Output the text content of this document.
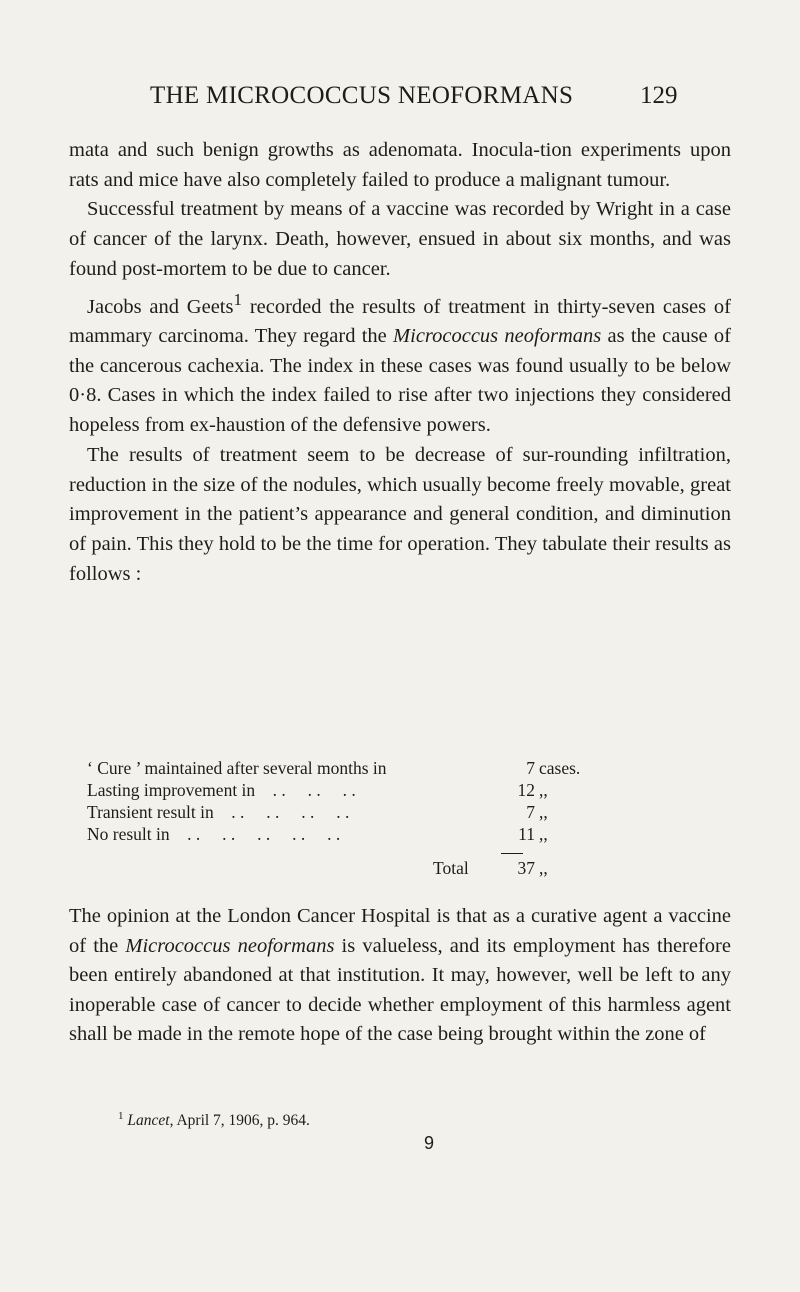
THE MICROCOCCUS NEOFORMANS	129

mata and such benign growths as adenomata. Inocula-tion experiments upon rats and mice have also completely failed to produce a malignant tumour.

Successful treatment by means of a vaccine was recorded by Wright in a case of cancer of the larynx. Death, however, ensued in about six months, and was found post-mortem to be due to cancer.

Jacobs and Geets$^1$ recorded the results of treatment in thirty-seven cases of mammary carcinoma. They regard the Micrococcus neoformans as the cause of the cancerous cachexia. The index in these cases was found usually to be below 0·8. Cases in which the index failed to rise after two injections they considered hopeless from ex-haustion of the defensive powers.

The results of treatment seem to be decrease of sur-rounding infiltration, reduction in the size of the nodules, which usually become freely movable, great improvement in the patient’s appearance and general condition, and diminution of pain. This they hold to be the time for operation. They tabulate their results as follows :

‘ Cure ’ maintained after several months in	7 cases.
Lasting improvement in    . .     . .     . .	12 ,,
Transient result in    . .     . .     . .     . .	7 ,,
No result in    . .     . .     . .     . .     . .	11 ,,
Total	37 ,,
The opinion at the London Cancer Hospital is that as a curative agent a vaccine of the Micrococcus neoformans is valueless, and its employment has therefore been entirely abandoned at that institution. It may, however, well be left to any inoperable case of cancer to decide whether employment of this harmless agent shall be made in the remote hope of the case being brought within the zone of
$^1$ Lancet, April 7, 1906, p. 964.
9
